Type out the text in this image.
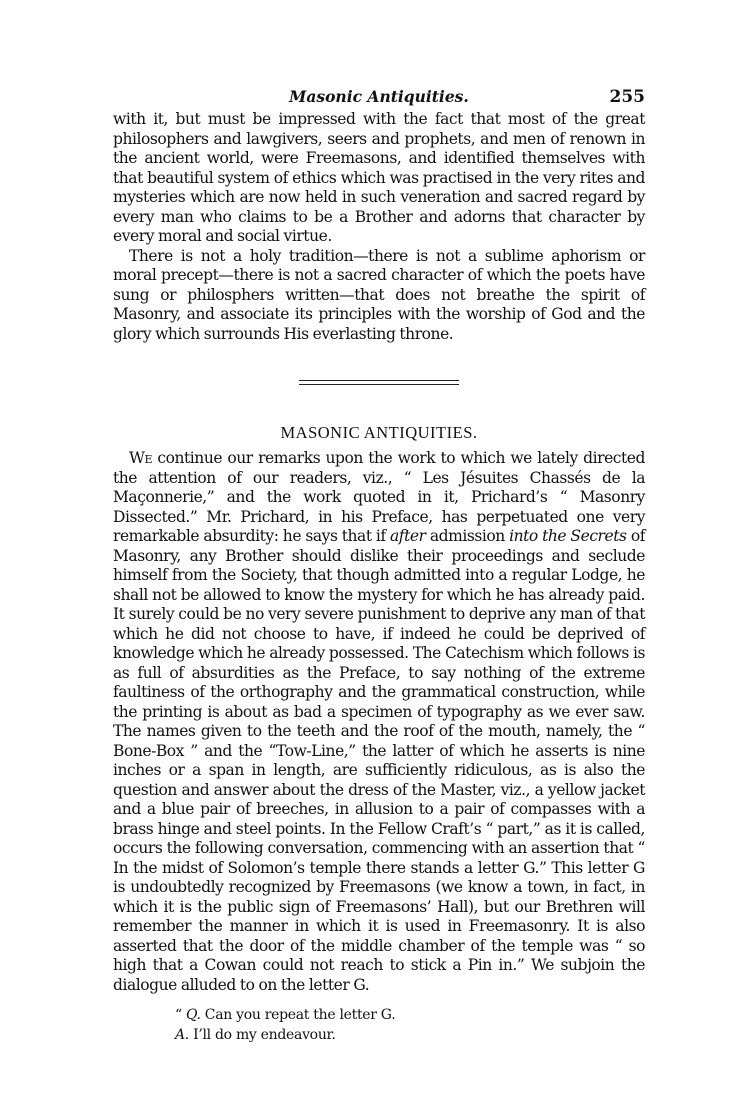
Masonic Antiquities.	255

with it, but must be impressed with the fact that most of the great philosophers and lawgivers, seers and prophets, and men of renown in the ancient world, were Freemasons, and identified themselves with that beautiful system of ethics which was practised in the very rites and mysteries which are now held in such veneration and sacred regard by every man who claims to be a Brother and adorns that character by every moral and social virtue.

There is not a holy tradition—there is not a sublime aphorism or moral precept—there is not a sacred character of which the poets have sung or philosphers written—that does not breathe the spirit of Masonry, and associate its principles with the worship of God and the glory which surrounds His everlasting throne.

MASONIC ANTIQUITIES.

We continue our remarks upon the work to which we lately directed the attention of our readers, viz., “ Les Jésuites Chassés de la Maçonnerie,” and the work quoted in it, Prichard’s “ Masonry Dissected.” Mr. Prichard, in his Preface, has perpetuated one very remarkable absurdity: he says that if after admission into the Secrets of Masonry, any Brother should dislike their proceedings and seclude himself from the Society, that though admitted into a regular Lodge, he shall not be allowed to know the mystery for which he has already paid. It surely could be no very severe punishment to deprive any man of that which he did not choose to have, if indeed he could be deprived of knowledge which he already possessed. The Catechism which follows is as full of absurdities as the Preface, to say nothing of the extreme faultiness of the orthography and the grammatical construction, while the printing is about as bad a specimen of typography as we ever saw. The names given to the teeth and the roof of the mouth, namely, the “ Bone-Box ” and the “Tow-Line,” the latter of which he asserts is nine inches or a span in length, are sufficiently ridiculous, as is also the question and answer about the dress of the Master, viz., a yellow jacket and a blue pair of breeches, in allusion to a pair of compasses with a brass hinge and steel points. In the Fellow Craft’s “ part,” as it is called, occurs the following conversation, commencing with an assertion that “ In the midst of Solomon’s temple there stands a letter G.” This letter G is undoubtedly recognized by Freemasons (we know a town, in fact, in which it is the public sign of Freemasons’ Hall), but our Brethren will remember the manner in which it is used in Freemasonry. It is also asserted that the door of the middle chamber of the temple was “ so high that a Cowan could not reach to stick a Pin in.” We subjoin the dialogue alluded to on the letter G.

“ Q. Can you repeat the letter G.
A. I’ll do my endeavour.
